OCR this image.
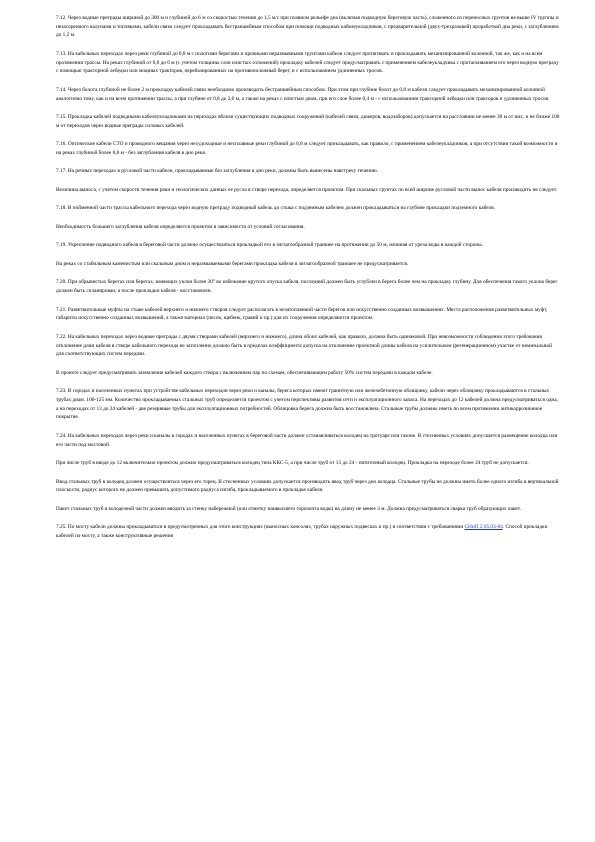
7.12. Через водные преграды шириной до 300 м и глубиной до 6 м со скоростью течения до 1,5 м/с при плавном рельефе дна (включая подводную береговую часть), сложенного из переносных грунтов не выше IV группы и незасоренного валунами и топляками, кабели связи следует прокладывать бестраншейным способом при помощи подводных кабелеукладчиков, с предварительной (двух-трехразовой) проработкой дна реки, с заглублением до 1,2 м.

7.13. На кабельных переходах через реки глубиной до 0,8 м с пологими берегами и прочными неразмывными грунтами кабели следует протягивать и прокладывать механизированной колонной, так же, как и на всем протяжении трассы. На реках глубиной от 0,8 до 6 м (с учетом толщины слоя илистых отложений) прокладку кабелей следует предусматривать с применением кабелеукладчика с протаскиванием его через водную преграду с помощью тракторной лебедки или мощных тракторов, перебазированных на противоположный берег, и с использованием удлиненных тросов.

7.14. Через болота глубиной не более 2 м прокладку кабелей связи необходимо производить бестраншейным способом. При этом при глубине болот до 0,8 м кабели следует прокладывать механизированной колонной аналогично тому, как и на всем протяжении трассы, а при глубине от 0,8 до 2,0 м, а также на реках с илистым дном, при его слое более 0,4 м - с использованием тракторной лебедки или тракторов и удлиненных тросов.

7.15. Прокладка кабелей подводными кабелеукладчиками на переходах вблизи существующих подводных сооружений (кабелей связи, дюкеров, водозаборов) допускается на расстоянии не менее 30 м от них, и не ближе 100 м от переходов через водные преграды силовых кабелей.

7.16. Оптические кабели СТО и проводного вещания через несудоходные и несплавные реки глубиной до 0,8 м следует прокладывать, как правило, с применением кабелеукладчиков, а при отсутствии такой возможности и на реках глубиной более 0,8 м - без заглубления кабеля в дно реки.

7.17. На речных переходах в русловой части кабели, прокладываемые без заглубления в дно реки, должны быть вынесены навстречу течению.

Величина выноса, с учетом скорости течения реки и геологических данных ее русла в створе перехода, определяется проектом. При скальных грунтах по всей ширине русловой части вынос кабеля производить не следует.

7.18. В пойменной части трассы кабельного перехода через водную преграду подводный кабель до стыка с подземным кабелем должен прокладываться на глубине прокладки подземного кабеля.

Необходимость большего заглубления кабеля определяется проектом в зависимости от условий согласования.

7.19. Укрепление подводного кабеля в береговой части должно осуществляться прокладкой его в зигзагообразной траншее на протяжении до 50 м, начиная от уреза воды в каждой стороны.

На реках со стабильным каменистым или скальным дном и неразмываемыми берегами прокладка кабеля в зигзагообразной траншее не предусматривается.

7.20. При обрывистых берегах или берегах, имеющих уклон более 30° во избежание крутого опуска кабеля, последний должен быть углублен в берега более чем на прокладку глубину. Для обеспечения такого уклона берег должен быть спланирован, а после прокладки кабеля - восстановлен.

7.21. Разветвительные муфты на стыке кабелей верхнего и нижнего створов следует располагать в незатопляемой части берегов или искусственно созданных возвышениях. Места расположения разветвительных муфт, габариты искусственно созданных возвышений, а также материал (песок, щебень, гравий и пр.) для их сооружения определяются проектом.

7.22. На кабельных переходах через водные преграды с двумя створами кабелей (верхнего и нижнего), длина обоих кабелей, как правило, должна быть одинаковой. При невозможности соблюдения этого требования отклонение длин кабеля в створе кабельного перехода не затопленно должно быть в пределах коэффициента допуска на отклонение проектной длины кабеля на усилительном (регенерационном) участке от номинальной для соответствующих систем передачи.

В проекте следует предусматривать заземление кабелей каждого створа с включением пар по схемам, обеспечивающим работу 50% систем передачи в каждом кабеле.

7.23. В городах и населенных пунктах при устройстве кабельных переходов через реки и каналы, берега которых имеют гранитную или железобетонную облицовку, кабели через облицовку прокладываются в стальных трубах диам. 100-125 мм. Количество прокладываемых стальных труб определяется проектом с учетом перспективы развития сети и эксплуатационного запаса. На переходах до 12 кабелей должна предусматриваться одна, а на переходах от 13 до 24 кабелей - две резервные трубы для эксплуатационных потребностей. Облицовка берега должна быть восстановлена. Стальные трубы должны иметь по всем протяжении антикоррозионное покрытие.

7.24. На кабельных переходах через реки и каналы в городах и населенных пунктах в береговой части должен устанавливаться колодец на тротуаре или газоне. В стесненных условиях допускается размещение колодца или его части под мостовой.

При числе труб в вводе до 12 включительно проектом должно предусматриваться колодец типа ККС-5, а при числе труб от 13 до 24 - пятиточный колодец. Прокладка на переходе более 24 труб не допускается.

Ввод стальных труб в колодец должен осуществляться через его торец. В стесненных условиях допускается производить ввод труб через дно колодца. Стальные трубы не должны иметь более одного изгиба в вертикальной плоскости, радиус которого не должен превышать допустимого радиуса изгиба, прокладываемого в прокладке кабеля.

Пакет стальных труб в колодезной части должен вводить за стенку набережной (или отметку наивысшего горизонта воды) на длину не менее 3 м. Должна предусматриваться сварка труб образующих пакет.

7.25. По мосту кабели должны прокладываться в предусмотренных для этого конструкциях (выносных консолях, трубах наружных подвесках и пр.) в соответствии с требованиями СНиП 2.05.03-84. Способ прокладки кабелей по мосту, а также конструктивные решения
